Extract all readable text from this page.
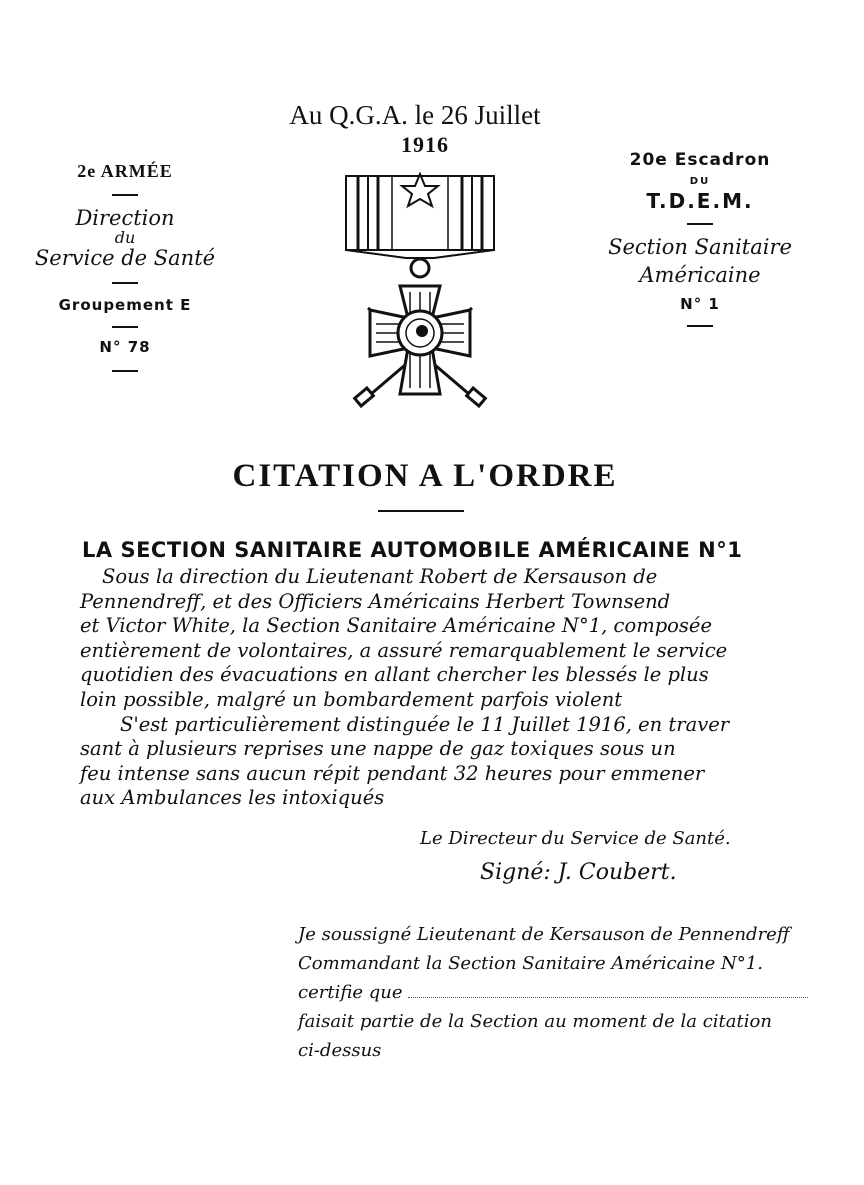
Au Q.G.A. le 26 Juillet
1916
2e ARMÉE
Direction
du
Service de Santé
Groupement E
N° 78
20e Escadron
DU
T.D.E.M.
Section Sanitaire
Américaine
N° 1
CITATION A L'ORDRE
LA SECTION SANITAIRE AUTOMOBILE AMÉRICAINE N°1
Sous la direction du Lieutenant Robert de Kersauson de
Pennendreff, et des Officiers Américains Herbert Townsend
et Victor White, la Section Sanitaire Américaine N°1, composée
entièrement de volontaires, a assuré remarquablement le service
quotidien des évacuations en allant chercher les blessés le plus
loin possible, malgré un bombardement parfois violent
S'est particulièrement distinguée le 11 Juillet 1916, en traver
sant à plusieurs reprises une nappe de gaz toxiques sous un
feu intense sans aucun répit pendant 32 heures pour emmener
aux Ambulances les intoxiqués
Le Directeur du Service de Santé.
Signé: J. Coubert.
Je soussigné Lieutenant de Kersauson de Pennendreff
Commandant la Section Sanitaire Américaine N°1.
certifie que
faisait partie de la Section au moment de la citation
ci-dessus
